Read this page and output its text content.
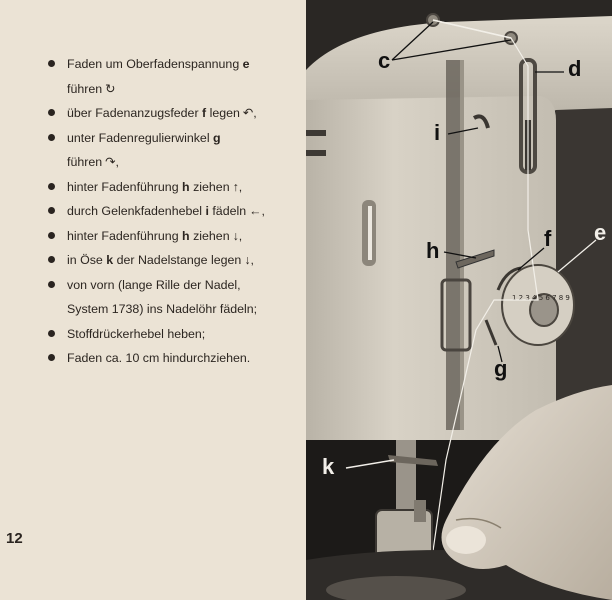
Faden um Oberfadenspannung e
führen ↻
über Fadenanzugsfeder f legen ↶,
unter Fadenregulierwinkel g
führen ↷,
hinter Fadenführung h ziehen ↑,
durch Gelenkfadenhebel i fädeln ←,
hinter Fadenführung h ziehen ↓,
in Öse k der Nadelstange legen ↓,
von vorn (lange Rille der Nadel,
System 1738) ins Nadelöhr fädeln;
Stoffdrückerhebel heben;
Faden ca. 10 cm hindurchziehen.
12
1 2 3 4 5 6 7 8 9
c	d
i
h	f e
g
k
